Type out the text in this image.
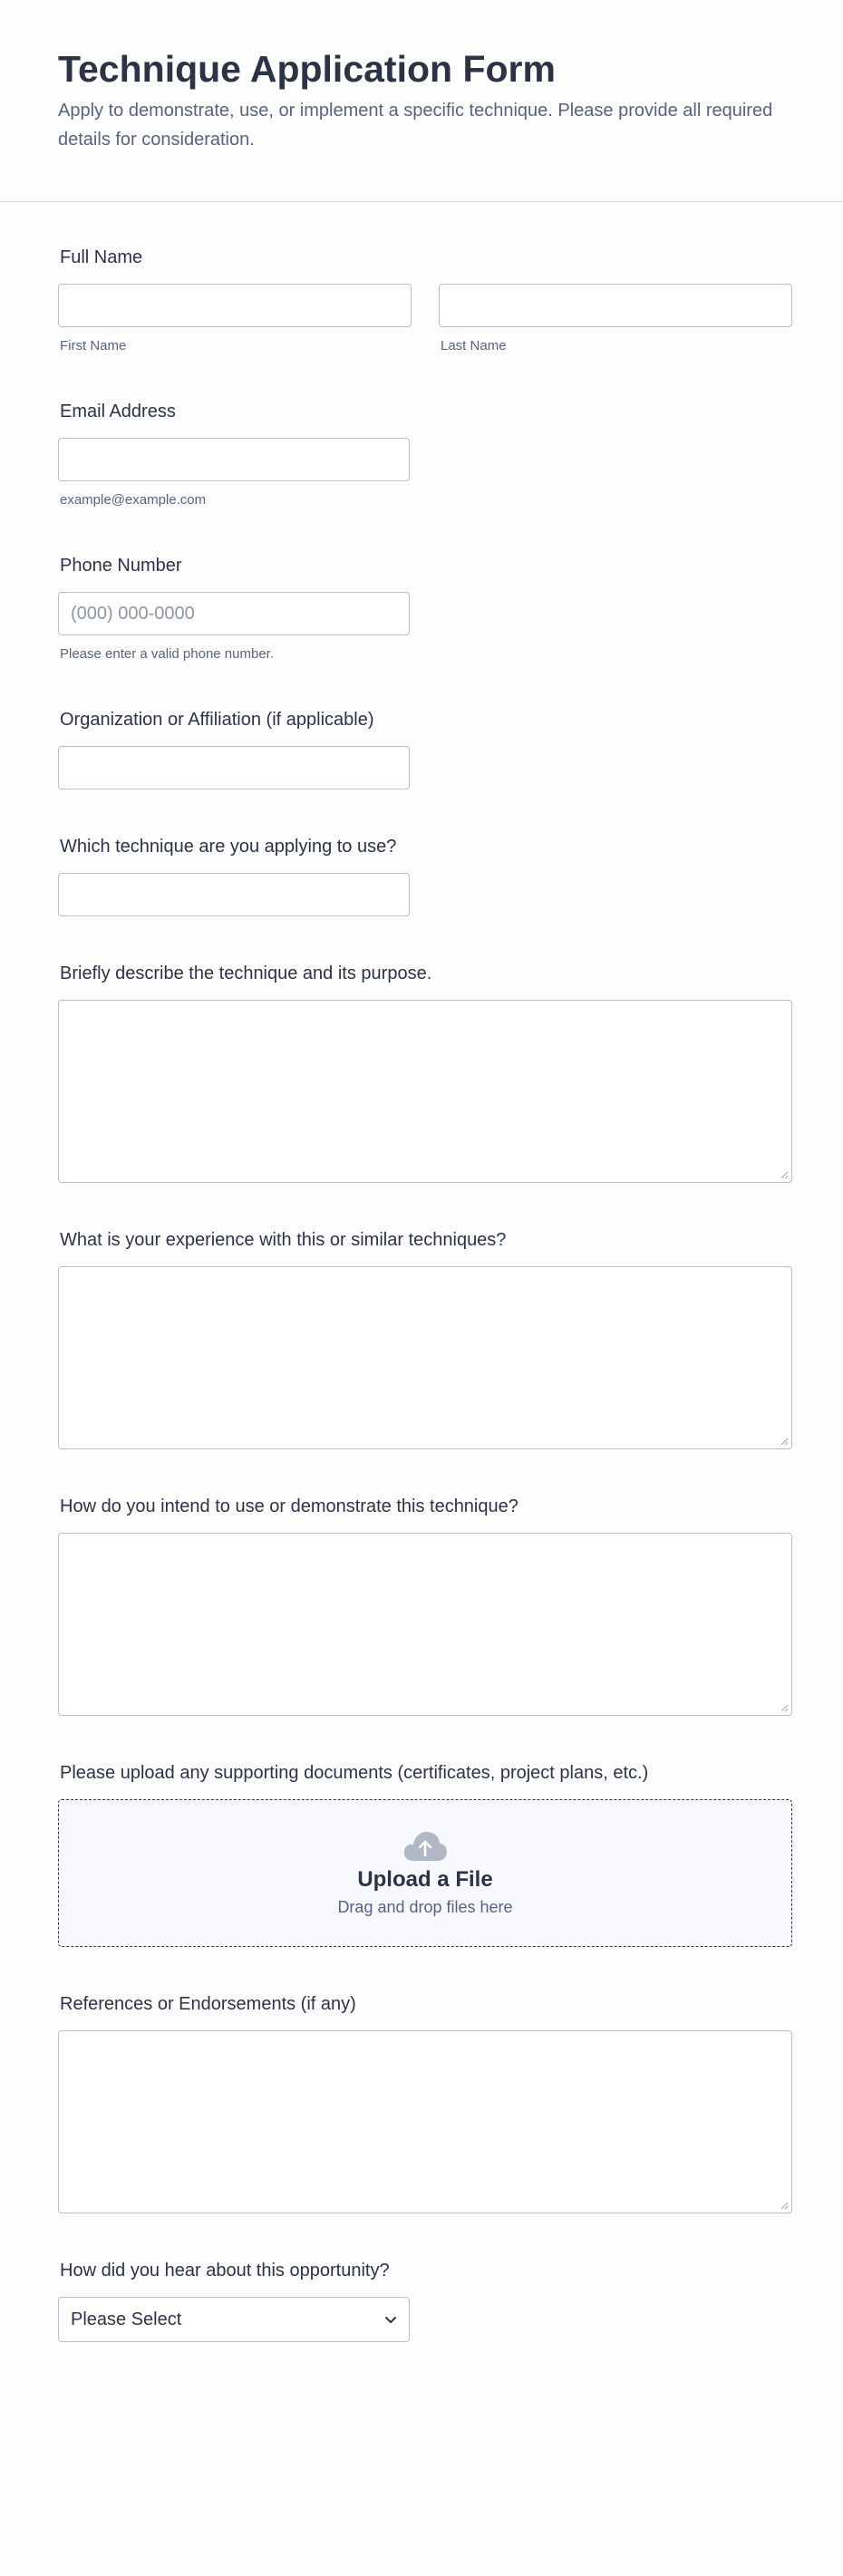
Technique Application Form
Apply to demonstrate, use, or implement a specific technique. Please provide all required details for consideration.
Full Name
First Name	Last Name
Email Address
example@example.com
Phone Number
(000) 000-0000
Please enter a valid phone number.
Organization or Affiliation (if applicable)
Which technique are you applying to use?
Briefly describe the technique and its purpose.
What is your experience with this or similar techniques?
How do you intend to use or demonstrate this technique?
Please upload any supporting documents (certificates, project plans, etc.)
Upload a File
Drag and drop files here
References or Endorsements (if any)
How did you hear about this opportunity?
Please Select
